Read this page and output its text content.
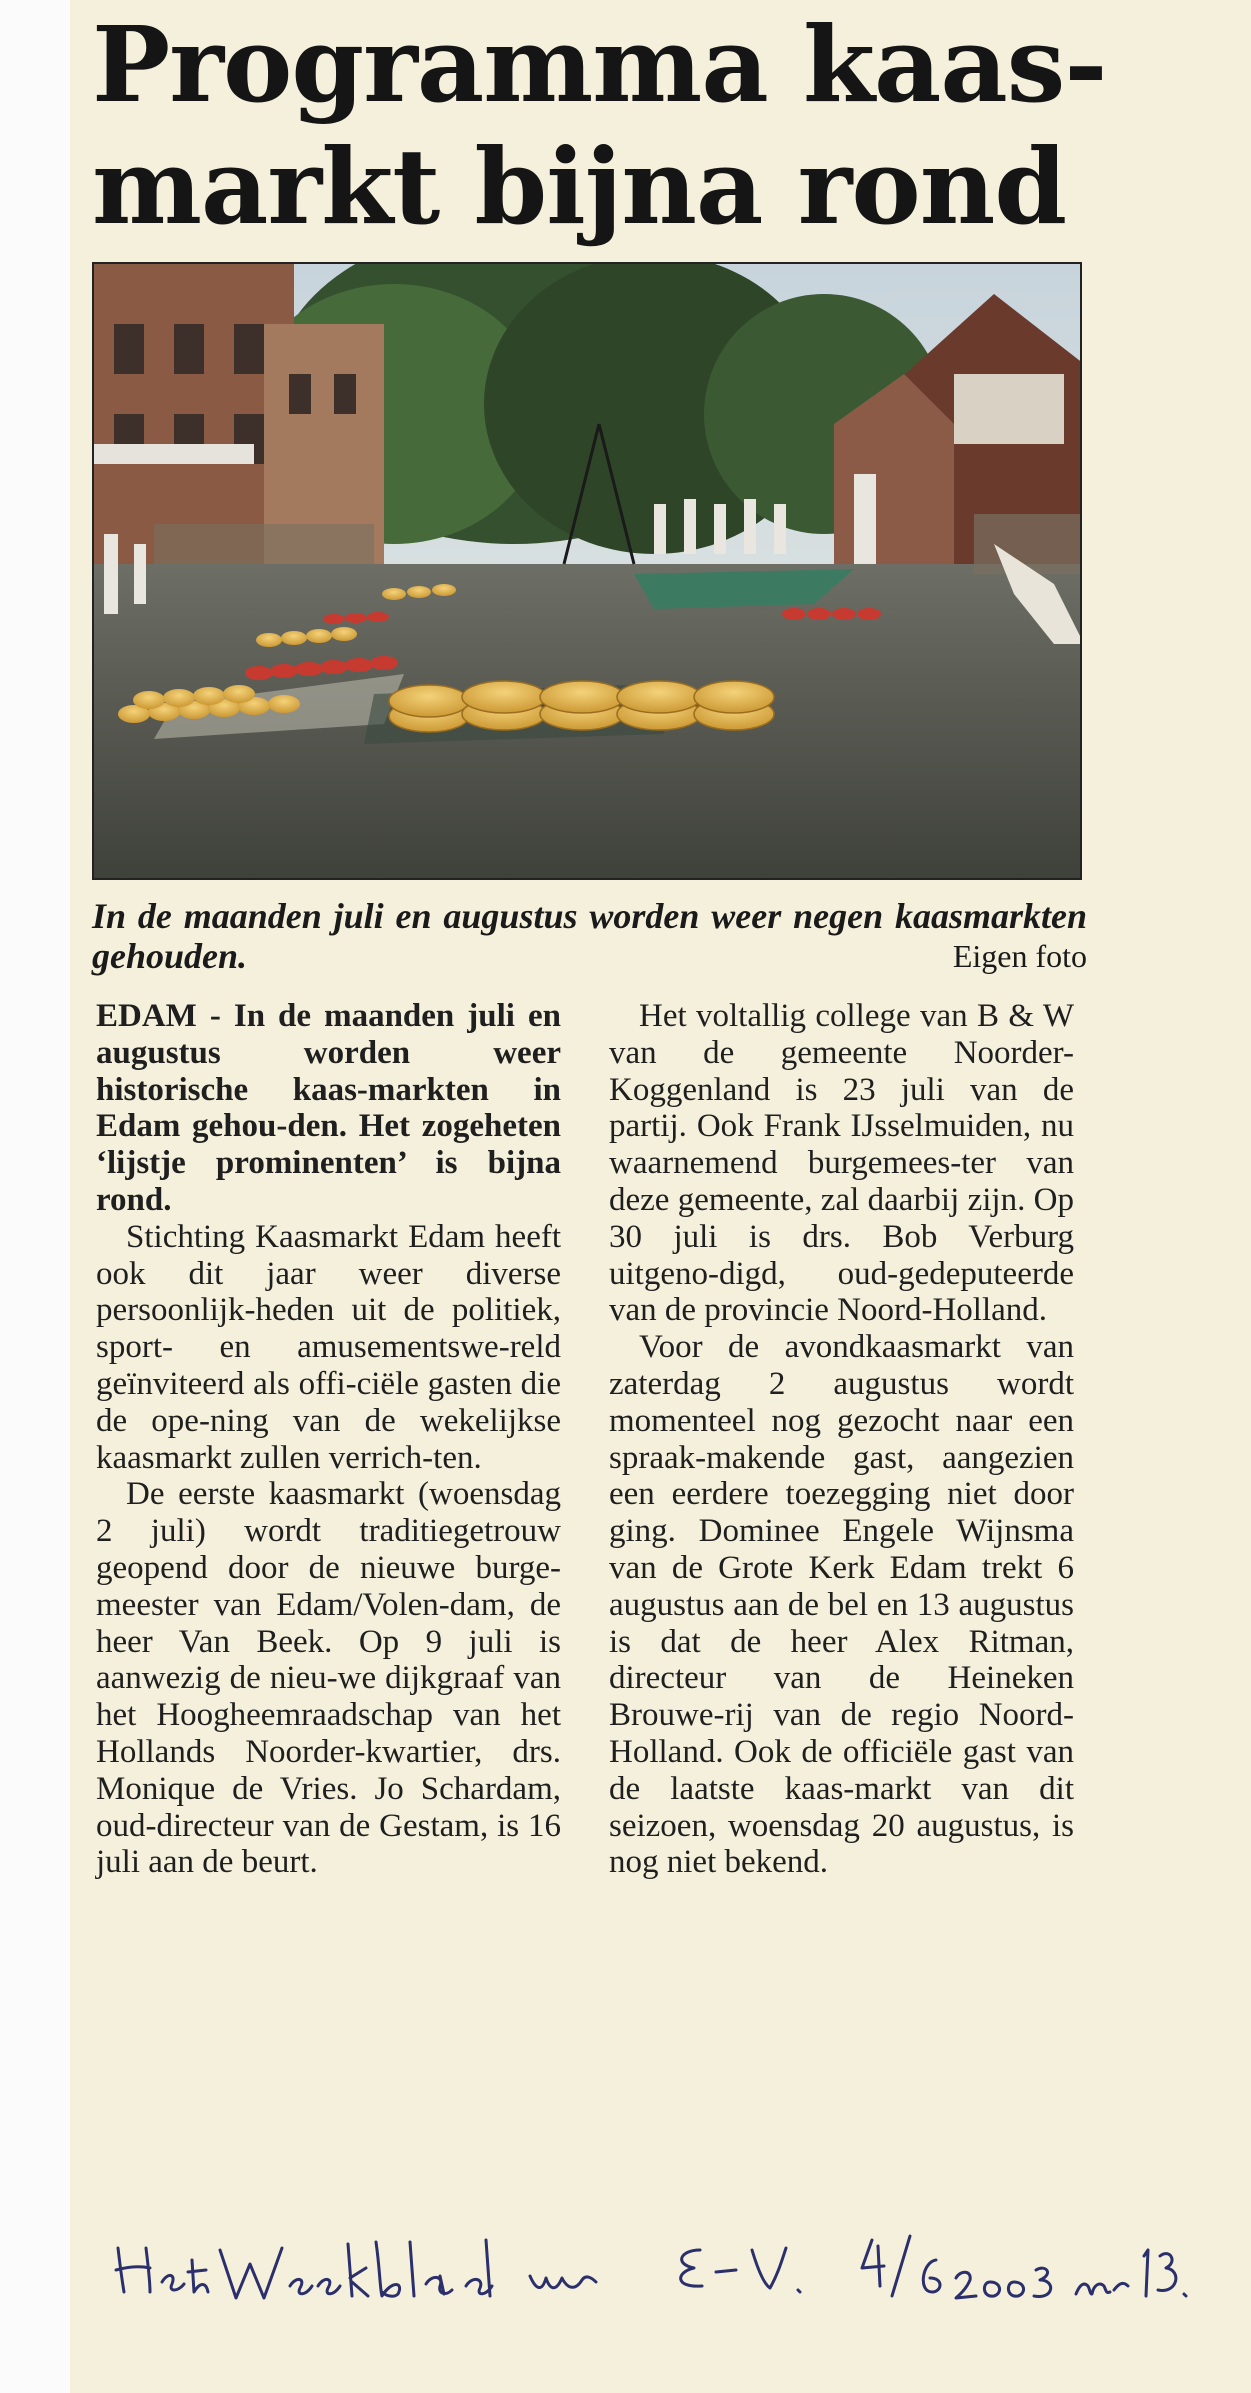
Programma kaas-
markt bijna rond
In de maanden juli en augustus worden weer negen kaasmarkten gehouden.	Eigen foto

EDAM - In de maanden juli en augustus worden weer historische kaas-markten in Edam gehou-den. Het zogeheten ‘lijstje prominenten’ is bijna rond.

Stichting Kaasmarkt Edam heeft ook dit jaar weer diverse persoonlijk-heden uit de politiek, sport- en amusementswe-reld geïnviteerd als offi-ciële gasten die de ope-ning van de wekelijkse kaasmarkt zullen verrich-ten.

De eerste kaasmarkt (woensdag 2 juli) wordt traditiegetrouw geopend door de nieuwe burge-meester van Edam/Volen-dam, de heer Van Beek. Op 9 juli is aanwezig de nieu-we dijkgraaf van het Hoogheemraadschap van het Hollands Noorder-kwartier, drs. Monique de Vries. Jo Schardam, oud-directeur van de Gestam, is 16 juli aan de beurt.

Het voltallig college van B & W van de gemeente Noorder-Koggenland is 23 juli van de partij. Ook Frank IJsselmuiden, nu waarnemend burgemees-ter van deze gemeente, zal daarbij zijn. Op 30 juli is drs. Bob Verburg uitgeno-digd, oud-gedeputeerde van de provincie Noord-Holland.

Voor de avondkaasmarkt van zaterdag 2 augustus wordt momenteel nog gezocht naar een spraak-makende gast, aangezien een eerdere toezegging niet door ging. Dominee Engele Wijnsma van de Grote Kerk Edam trekt 6 augustus aan de bel en 13 augustus is dat de heer Alex Ritman, directeur van de Heineken Brouwe-rij van de regio Noord-Holland. Ook de officiële gast van de laatste kaas-markt van dit seizoen, woensdag 20 augustus, is nog niet bekend.
